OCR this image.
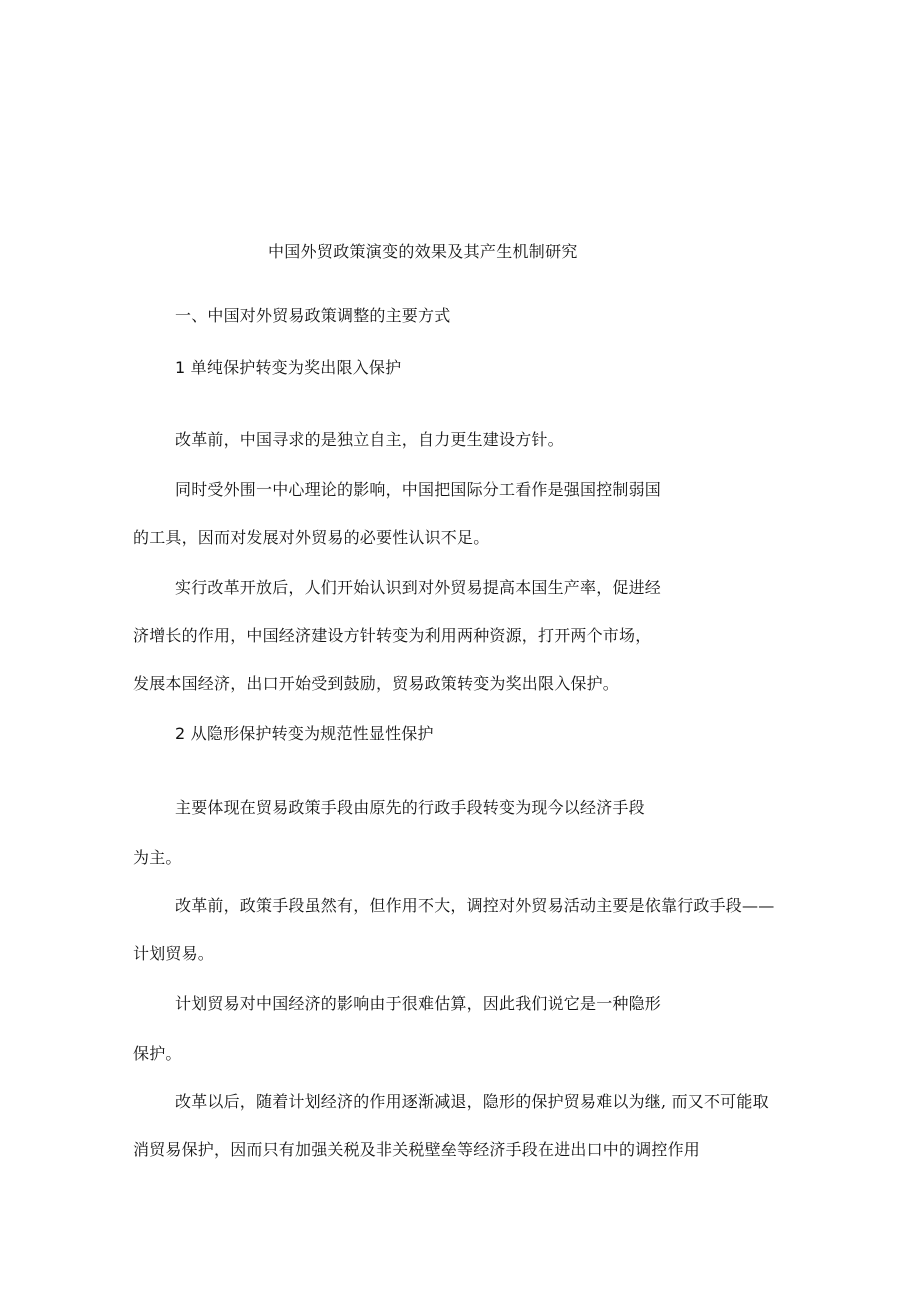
中国外贸政策演变的效果及其产生机制研究
一、中国对外贸易政策调整的主要方式
1 单纯保护转变为奖出限入保护
改革前，中国寻求的是独立自主，自力更生建设方针。
同时受外围一中心理论的影响，中国把国际分工看作是强国控制弱国
的工具，因而对发展对外贸易的必要性认识不足。
实行改革开放后，人们开始认识到对外贸易提高本国生产率，促进经
济增长的作用，中国经济建设方针转变为利用两种资源，打开两个市场，
发展本国经济，出口开始受到鼓励，贸易政策转变为奖出限入保护。
2 从隐形保护转变为规范性显性保护
主要体现在贸易政策手段由原先的行政手段转变为现今以经济手段
为主。
改革前，政策手段虽然有，但作用不大，调控对外贸易活动主要是依靠行政手段——
计划贸易。
计划贸易对中国经济的影响由于很难估算，因此我们说它是一种隐形
保护。
改革以后，随着计划经济的作用逐渐减退，隐形的保护贸易难以为继, 而又不可能取
消贸易保护，因而只有加强关税及非关税壁垒等经济手段在进出口中的调控作用
